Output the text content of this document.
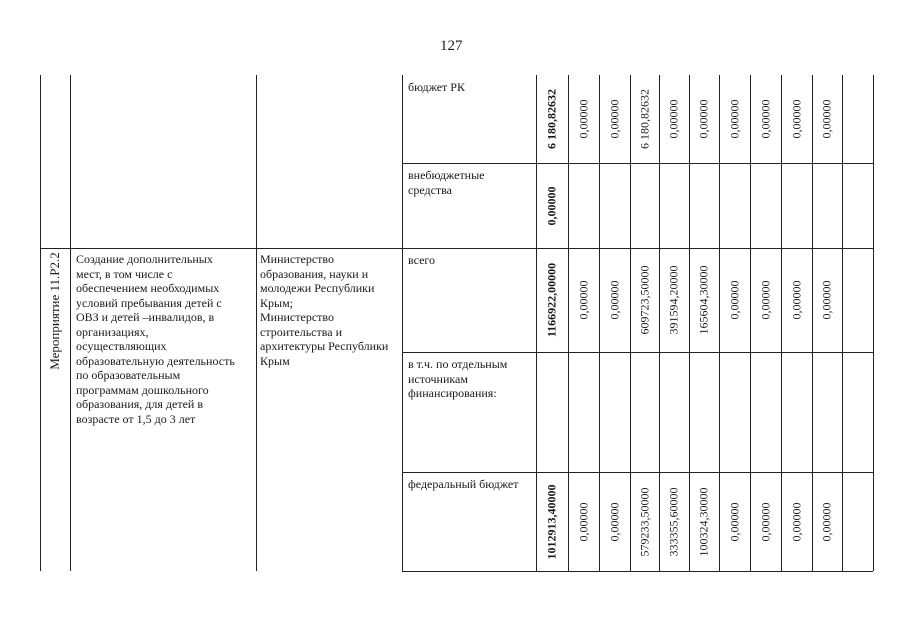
127
бюджет РК
6 180,82632 0,00000 0,00000 6 180,82632 0,00000 0,00000 0,00000 0,00000 0,00000 0,00000
внебюджетные
средства	0,00000
всего
1166922,00000 0,00000 0,00000 609723,50000 391594,20000 165604,30000 0,00000 0,00000 0,00000 0,00000
в т.ч. по отдельным
источникам
финансирования:
федеральный бюджет	1012913,40000 0,00000 0,00000 579233,50000 333355,60000 100324,30000 0,00000 0,00000 0,00000 0,00000
Мероприятие 11.Р2.2 Создание дополнительных
мест, в том числе с
обеспечением необходимых
условий пребывания детей с
ОВЗ и детей –инвалидов, в
организациях,
осуществляющих
образовательную деятельность
по образовательным
программам дошкольного
образования, для детей в
возрасте от 1,5 до 3 лет
Министерство
образования, науки и
молодежи Республики
Крым;
Министерство
строительства и
архитектуры Республики
Крым
